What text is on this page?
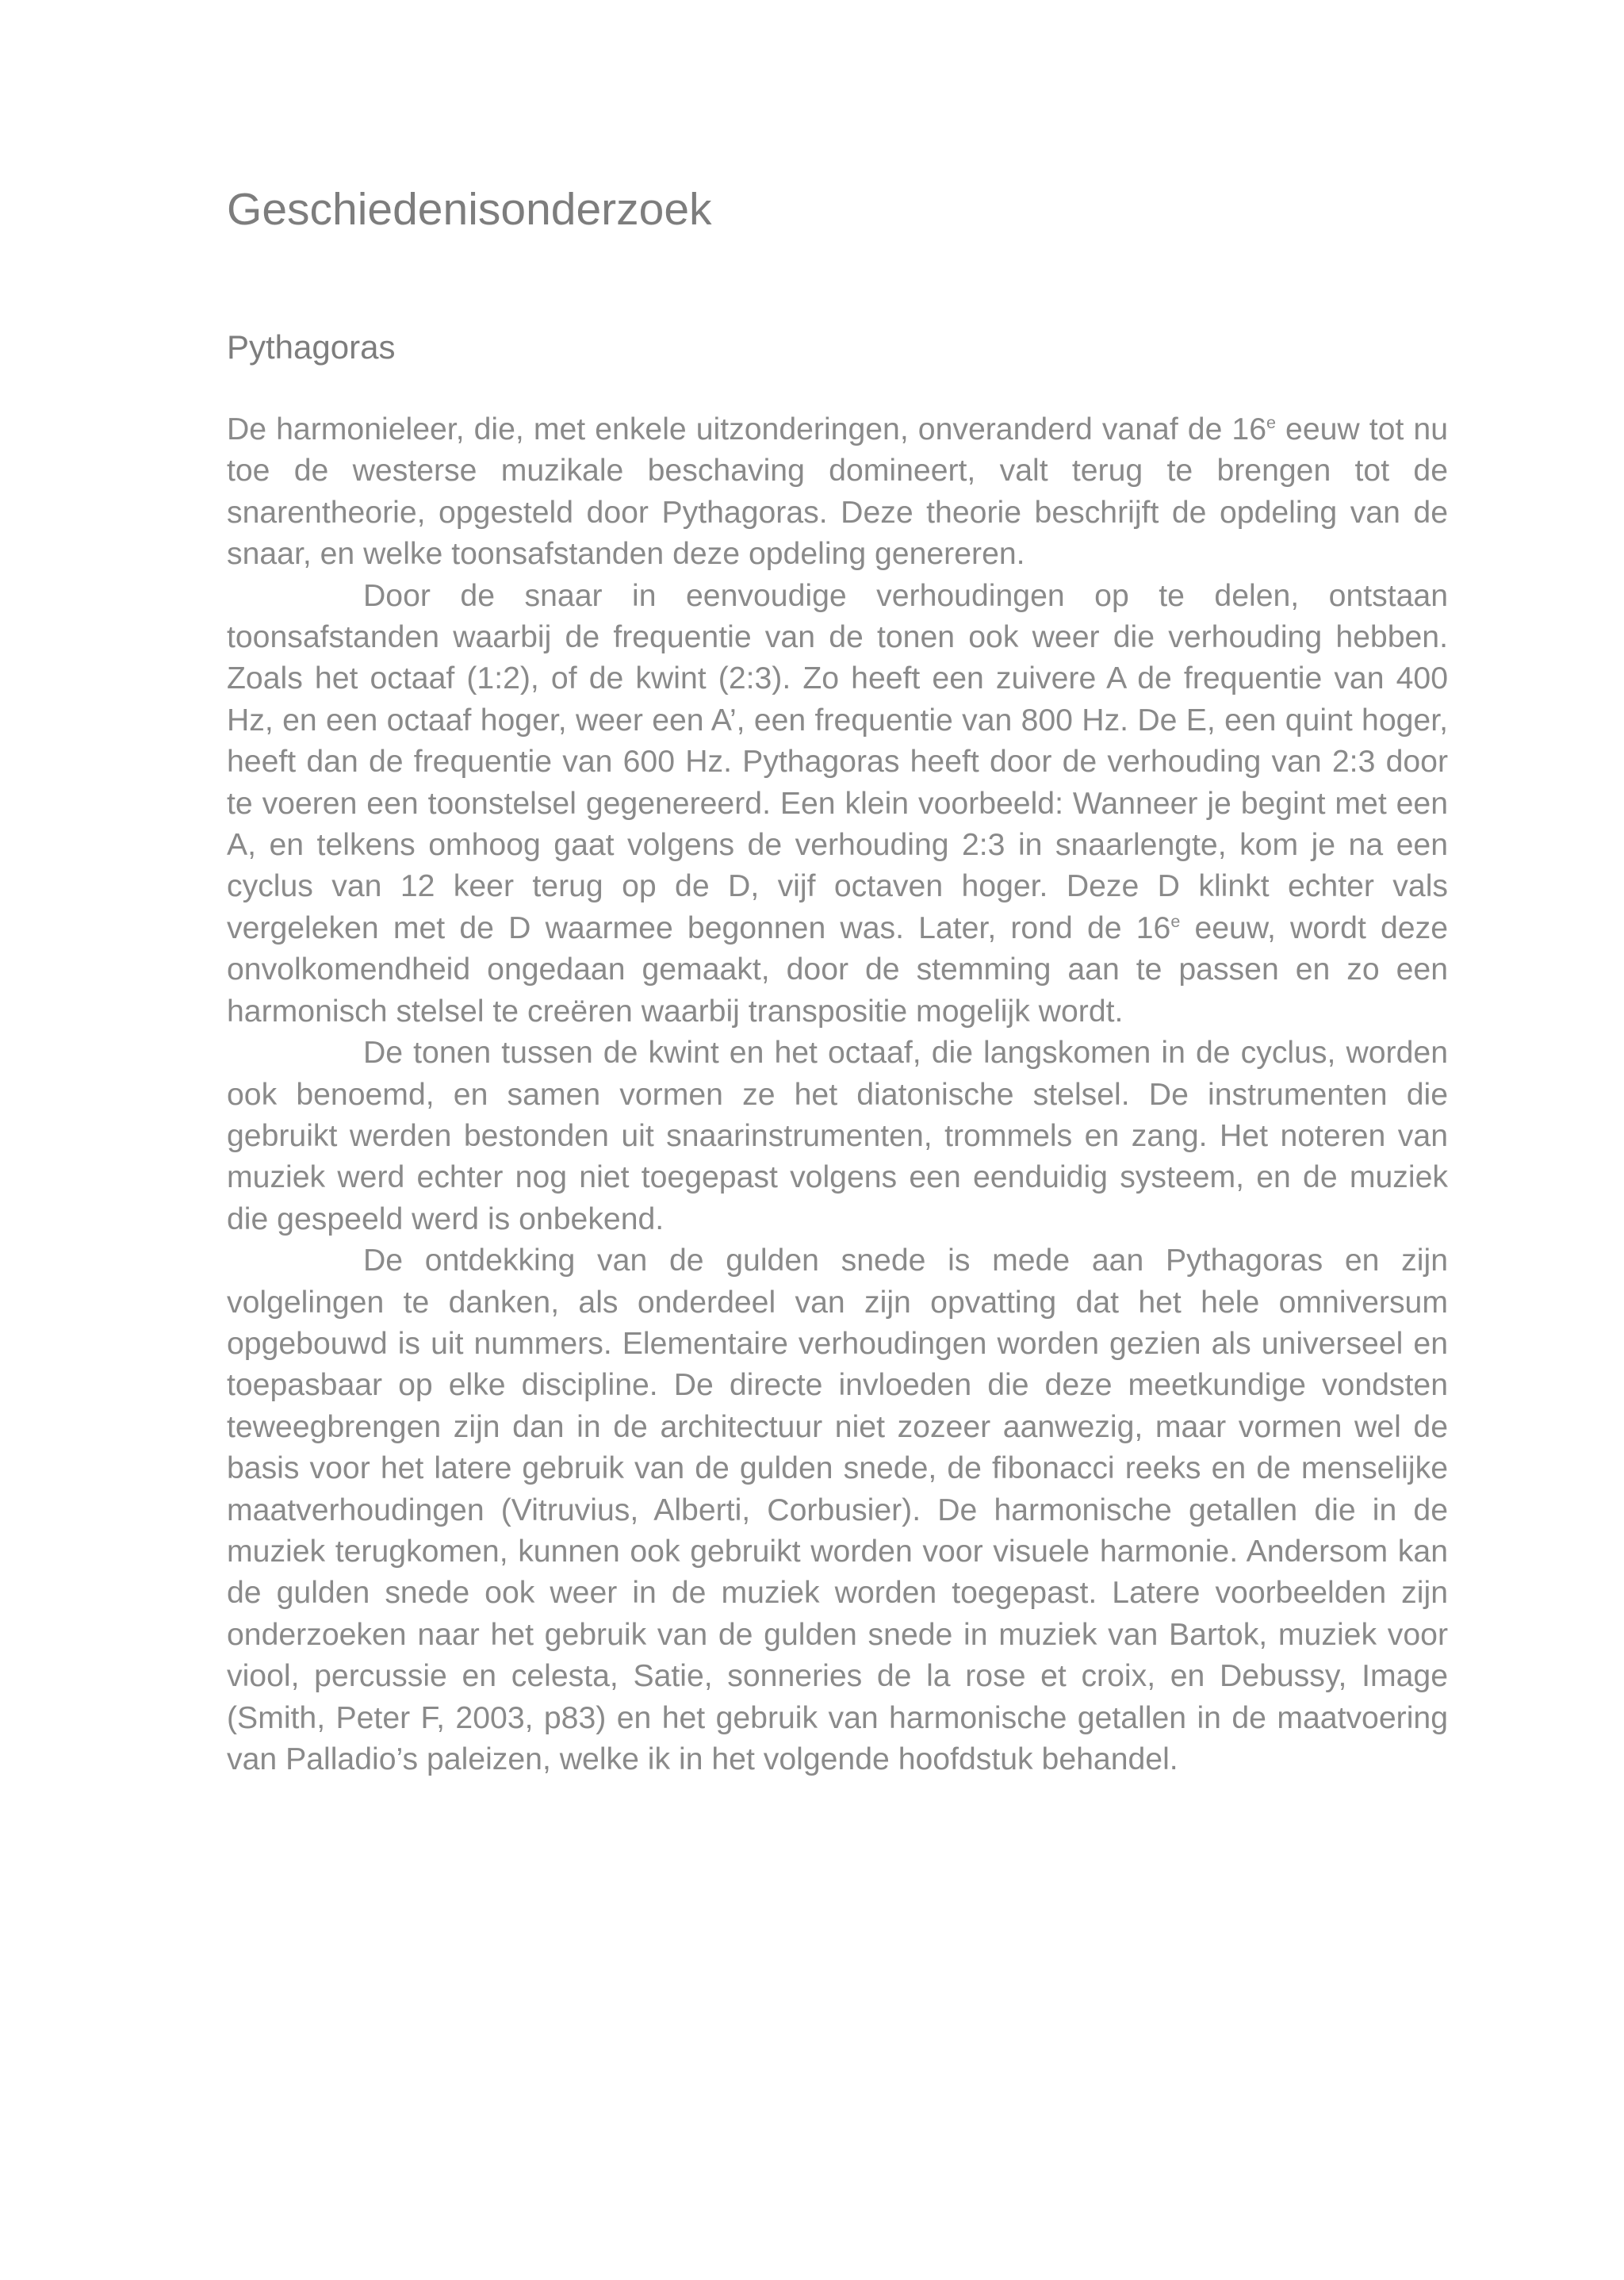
Geschiedenisonderzoek
Pythagoras

De harmonieleer, die, met enkele uitzonderingen, onveranderd vanaf de 16e eeuw tot nu toe de westerse muzikale beschaving domineert, valt terug te brengen tot de snarentheorie, opgesteld door Pythagoras. Deze theorie beschrijft de opdeling van de snaar, en welke toonsafstanden deze opdeling genereren.

Door de snaar in eenvoudige verhoudingen op te delen, ontstaan toonsafstanden waarbij de frequentie van de tonen ook weer die verhouding hebben. Zoals het octaaf (1:2), of de kwint (2:3). Zo heeft een zuivere A de frequentie van 400 Hz, en een octaaf hoger, weer een A’, een frequentie van 800 Hz. De E, een quint hoger, heeft dan de frequentie van 600 Hz. Pythagoras heeft door de verhouding van 2:3 door te voeren een toonstelsel gegenereerd. Een klein voorbeeld: Wanneer je begint met een A, en telkens omhoog gaat volgens de verhouding 2:3 in snaarlengte, kom je na een cyclus van 12 keer terug op de D, vijf octaven hoger. Deze D klinkt echter vals vergeleken met de D waarmee begonnen was. Later, rond de 16e eeuw, wordt deze onvolkomendheid ongedaan gemaakt, door de stemming aan te passen en zo een harmonisch stelsel te creëren waarbij transpositie mogelijk wordt.

De tonen tussen de kwint en het octaaf, die langskomen in de cyclus, worden ook benoemd, en samen vormen ze het diatonische stelsel. De instrumenten die gebruikt werden bestonden uit snaarinstrumenten, trommels en zang. Het noteren van muziek werd echter nog niet toegepast volgens een eenduidig systeem, en de muziek die gespeeld werd is onbekend.

De ontdekking van de gulden snede is mede aan Pythagoras en zijn volgelingen te danken, als onderdeel van zijn opvatting dat het hele omniversum opgebouwd is uit nummers. Elementaire verhoudingen worden gezien als universeel en toepasbaar op elke discipline. De directe invloeden die deze meetkundige vondsten teweegbrengen zijn dan in de architectuur niet zozeer aanwezig, maar vormen wel de basis voor het latere gebruik van de gulden snede, de fibonacci reeks en de menselijke maatverhoudingen (Vitruvius, Alberti, Corbusier). De harmonische getallen die in de muziek terugkomen, kunnen ook gebruikt worden voor visuele harmonie. Andersom kan de gulden snede ook weer in de muziek worden toegepast. Latere voorbeelden zijn onderzoeken naar het gebruik van de gulden snede in muziek van Bartok, muziek voor viool, percussie en celesta, Satie, sonneries de la rose et croix, en Debussy, Image (Smith, Peter F, 2003, p83) en het gebruik van harmonische getallen in de maatvoering van Palladio’s paleizen, welke ik in het volgende hoofdstuk behandel.
